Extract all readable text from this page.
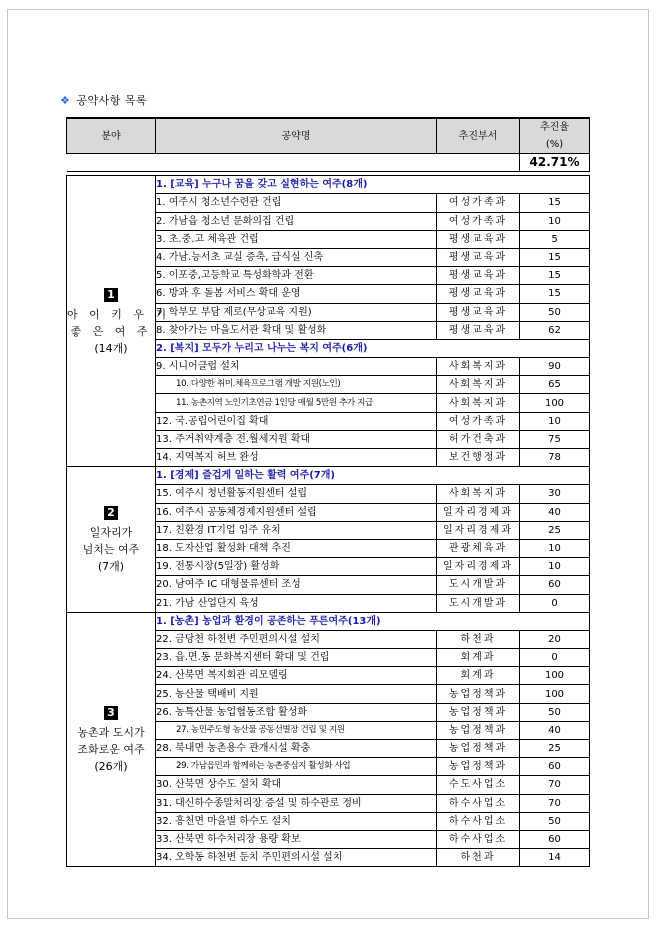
❖ 공약사항 목록
분야	공약명	추진부서	추진율
(%)
			42.71%

1
아 이 키 우 기
좋 은 여 주
(14개)	1. [교육] 누구나 꿈을 갖고 실현하는 여주(8개)		
	1. 여주시 청소년수련관 건립	여성가족과	15
	2. 가남읍 청소년 문화의집 건립	여성가족과	10
	3. 초.중.고 체육관 건립	평생교육과	5
	4. 가남.능서초 교실 증축, 급식실 신축	평생교육과	15
	5. 이포중,고등학교 특성화학과 전환	평생교육과	15
	6. 방과 후 돌봄 서비스 확대 운영	평생교육과	15
	7. 학부모 부담 제로(무상교육 지원)	평생교육과	50
	8. 찾아가는 마을도서관 확대 및 활성화	평생교육과	62
	2. [복지] 모두가 누리고 나누는 복지 여주(6개)		
	9. 시니어클럽 설치	사회복지과	90
	10. 다양한 취미.체육프로그램 개발 지원(노인)	사회복지과	65
	11. 농촌지역 노인기초연금 1인당 매월 5만원 추가 지급	사회복지과	100
	12. 국.공립어린이집 확대	여성가족과	10
	13. 주거취약계층 전.월세지원 확대	허가건축과	75
	14. 지역복지 허브 완성	보건행정과	78
2
일자리가
넘치는 여주
(7개)	1. [경제] 즐겁게 일하는 활력 여주(7개)		
	15. 여주시 청년활동지원센터 설립	사회복지과	30
	16. 여주시 공동체경제지원센터 설립	일자리경제과	40
	17. 친환경 IT기업 입주 유치	일자리경제과	25
	18. 도자산업 활성화 대책 추진	관광체육과	10
	19. 전통시장(5일장) 활성화	일자리경제과	10
	20. 남여주 IC 대형물류센터 조성	도시개발과	60
	21. 가남 산업단지 육성	도시개발과	0
3
농촌과 도시가
조화로운 여주
(26개)	1. [농촌] 농업과 환경이 공존하는 푸른여주(13개)		
	22. 금당천 하천변 주민편의시설 설치	하천과	20
	23. 읍.면.동 문화복지센터 확대 및 건립	회계과	0
	24. 산북면 복지회관 리모델링	회계과	100
	25. 농산물 택배비 지원	농업정책과	100
	26. 농특산물 농업협동조합 활성화	농업정책과	50
	27. 농민주도형 농산물 공동선별장 건립 및 지원	농업정책과	40
	28. 북내면 농촌용수 관개시설 확충	농업정책과	25
	29. 가남읍민과 함께하는 농촌중심지 활성화 사업	농업정책과	60
	30. 산북면 상수도 설치 확대	수도사업소	70
	31. 대신하수종말처리장 증설 및 하수관로 정비	하수사업소	70
	32. 흥천면 마을별 하수도 설치	하수사업소	50
	33. 산북면 하수처리장 용량 확보	하수사업소	60
	34. 오학동 하천변 둔치 주민편의시설 설치	하천과	14
